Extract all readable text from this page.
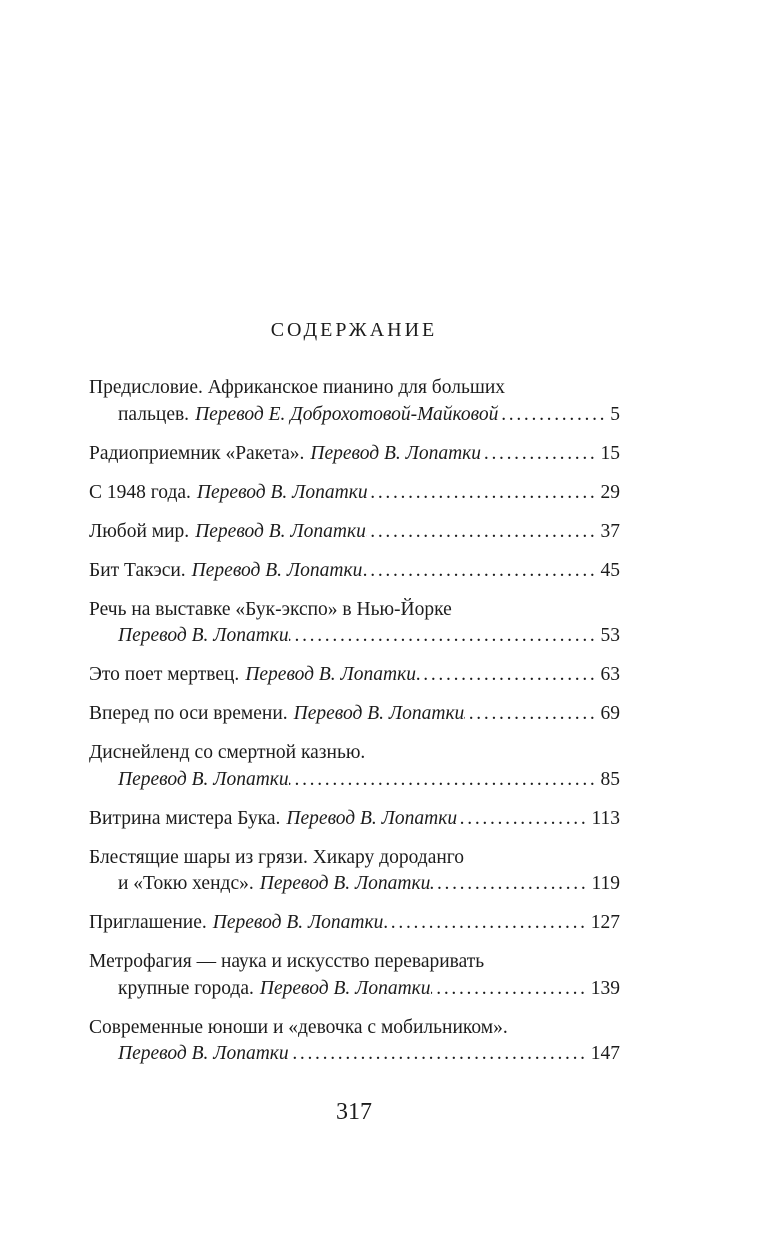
СОДЕРЖАНИЕ
Предисловие. Африканское пианино для больших
пальцев. Перевод Е. Доброхотовой-Майковой .....	5
Радиоприемник «Ракета». Перевод В. Лопатки .....	15
С 1948 года. Перевод В. Лопатки .....	29
Любой мир. Перевод В. Лопатки .....	37
Бит Такэси. Перевод В. Лопатки .....	45
Речь на выставке «Бук-экспо» в Нью-Йорке
Перевод В. Лопатки .....	53
Это поет мертвец. Перевод В. Лопатки .....	63
Вперед по оси времени. Перевод В. Лопатки .....	69
Диснейленд со смертной казнью.
Перевод В. Лопатки .....	85
Витрина мистера Бука. Перевод В. Лопатки .....	113
Блестящие шары из грязи. Хикару дороданго
и «Токю хендс». Перевод В. Лопатки .....	119
Приглашение. Перевод В. Лопатки .....	127
Метрофагия — наука и искусство переваривать
крупные города. Перевод В. Лопатки .....	139
Современные юноши и «девочка с мобильником».
Перевод В. Лопатки .....	147
317
